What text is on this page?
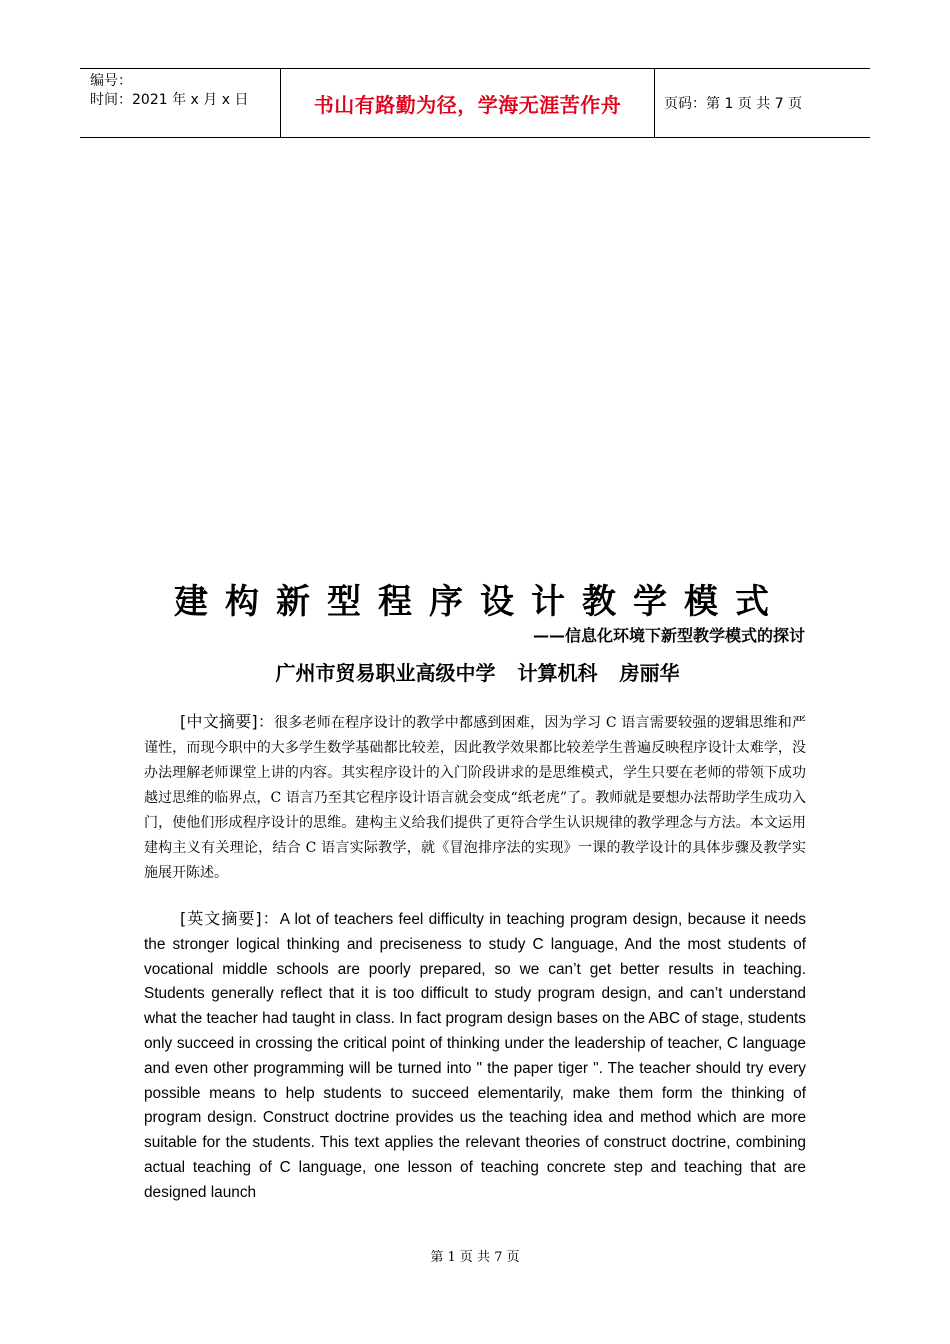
编号：
时间：2021 年 x 月 x 日	书山有路勤为径，学海无涯苦作舟	页码：第 1 页 共 7 页
建构新型程序设计教学模式
——信息化环境下新型教学模式的探讨
广州市贸易职业高级中学 计算机科 房丽华
[中文摘要]：很多老师在程序设计的教学中都感到困难，因为学习 C 语言需要较强的逻辑思维和严谨性，而现今职中的大多学生数学基础都比较差，因此教学效果都比较差学生普遍反映程序设计太难学，没办法理解老师课堂上讲的内容。其实程序设计的入门阶段讲求的是思维模式，学生只要在老师的带领下成功越过思维的临界点，C 语言乃至其它程序设计语言就会变成“纸老虎”了。教师就是要想办法帮助学生成功入门，使他们形成程序设计的思维。建构主义给我们提供了更符合学生认识规律的教学理念与方法。本文运用建构主义有关理论，结合 C 语言实际教学，就《冒泡排序法的实现》一课的教学设计的具体步骤及教学实施展开陈述。
[英文摘要]：A lot of teachers feel difficulty in teaching program design, because it needs the stronger logical thinking and preciseness to study C language, And the most students of vocational middle schools are poorly prepared, so we can’t get better results in teaching. Students generally reflect that it is too difficult to study program design, and can’t understand what the teacher had taught in class. In fact program design bases on the ABC of stage, students only succeed in crossing the critical point of thinking under the leadership of teacher, C language and even other programming will be turned into " the paper tiger ". The teacher should try every possible means to help students to succeed elementarily, make them form the thinking of program design. Construct doctrine provides us the teaching idea and method which are more suitable for the students. This text applies the relevant theories of construct doctrine, combining actual teaching of C language, one lesson of teaching concrete step and teaching that are designed launch
第 1 页 共 7 页
